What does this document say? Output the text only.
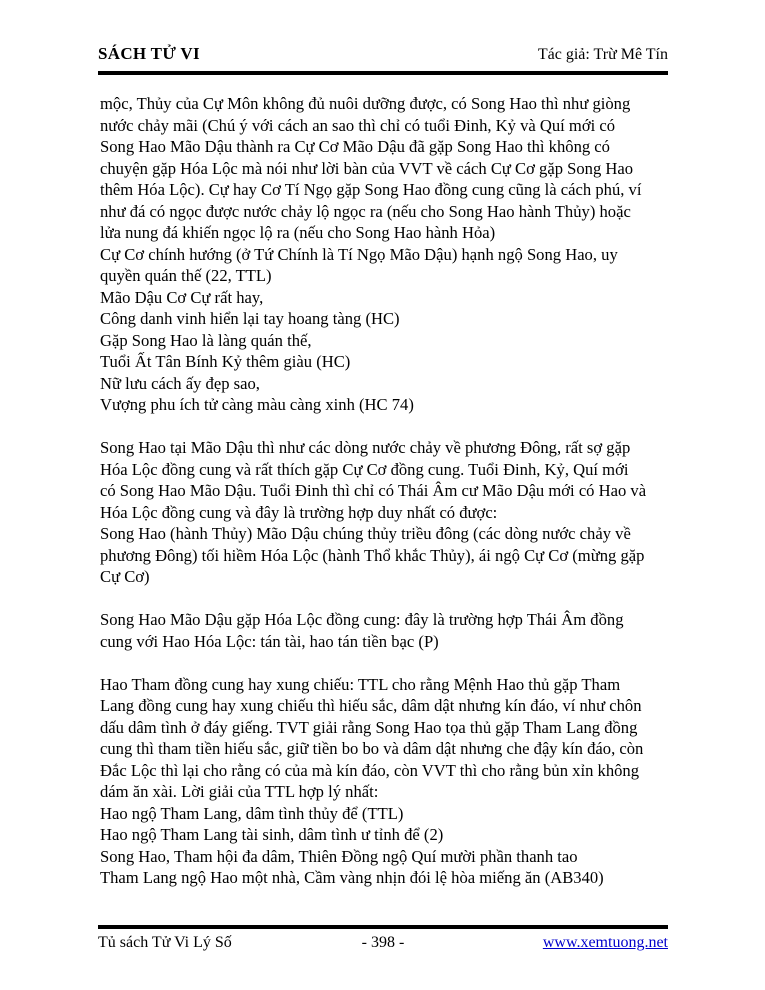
SÁCH TỬ VI	Tác giả: Trừ Mê Tín
mộc, Thủy của Cự Môn không đủ nuôi dưỡng được, có Song Hao thì như giòng
nước chảy mãi (Chú ý với cách an sao thì chỉ có tuổi Đinh, Kỷ và Quí mới có
Song Hao Mão Dậu thành ra Cự Cơ Mão Dậu đã gặp Song Hao thì không có
chuyện gặp Hóa Lộc mà nói như lời bàn của VVT về cách Cự Cơ gặp Song Hao
thêm Hóa Lộc). Cự hay Cơ Tí Ngọ gặp Song Hao đồng cung cũng là cách phú, ví
như đá có ngọc được nước chảy lộ ngọc ra (nếu cho Song Hao hành Thủy) hoặc
lửa nung đá khiến ngọc lộ ra (nếu cho Song Hao hành Hỏa)
Cự Cơ chính hướng (ở Tứ Chính là Tí Ngọ Mão Dậu) hạnh ngộ Song Hao, uy
quyền quán thế (22, TTL)
Mão Dậu Cơ Cự rất hay,
Công danh vinh hiển lại tay hoang tàng (HC)
Gặp Song Hao là làng quán thế,
Tuổi Ất Tân Bính Kỷ thêm giàu (HC)
Nữ lưu cách ấy đẹp sao,
Vượng phu ích tử càng màu càng xinh (HC 74)
Song Hao tại Mão Dậu thì như các dòng nước chảy về phương Đông, rất sợ gặp
Hóa Lộc đồng cung và rất thích gặp Cự Cơ đồng cung. Tuổi Đinh, Kỷ, Quí mới
có Song Hao Mão Dậu. Tuổi Đinh thì chỉ có Thái Âm cư Mão Dậu mới có Hao và
Hóa Lộc đồng cung và đây là trường hợp duy nhất có được:
Song Hao (hành Thủy) Mão Dậu chúng thủy triều đông (các dòng nước chảy về
phương Đông) tối hiềm Hóa Lộc (hành Thổ khắc Thủy), ái ngộ Cự Cơ (mừng gặp
Cự Cơ)
Song Hao Mão Dậu gặp Hóa Lộc đồng cung: đây là trường hợp Thái Âm đồng
cung với Hao Hóa Lộc: tán tài, hao tán tiền bạc (P)
Hao Tham đồng cung hay xung chiếu: TTL cho rằng Mệnh Hao thủ gặp Tham
Lang đồng cung hay xung chiếu thì hiếu sắc, dâm dật nhưng kín đáo, ví như chôn
dấu dâm tình ở đáy giếng. TVT giải rằng Song Hao tọa thủ gặp Tham Lang đồng
cung thì tham tiền hiếu sắc, giữ tiền bo bo và dâm dật nhưng che đậy kín đáo, còn
Đắc Lộc thì lại cho rằng có của mà kín đáo, còn VVT thì cho rằng bủn xỉn không
dám ăn xài. Lời giải của TTL hợp lý nhất:
Hao ngộ Tham Lang, dâm tình thủy để (TTL)
Hao ngộ Tham Lang tài sinh, dâm tình ư tỉnh để (2)
Song Hao, Tham hội đa dâm, Thiên Đồng ngộ Quí mười phần thanh tao
Tham Lang ngộ Hao một nhà, Cầm vàng nhịn đói lệ hòa miếng ăn (AB340)
Tủ sách Tử Vi Lý Số	- 398 -	www.xemtuong.net
